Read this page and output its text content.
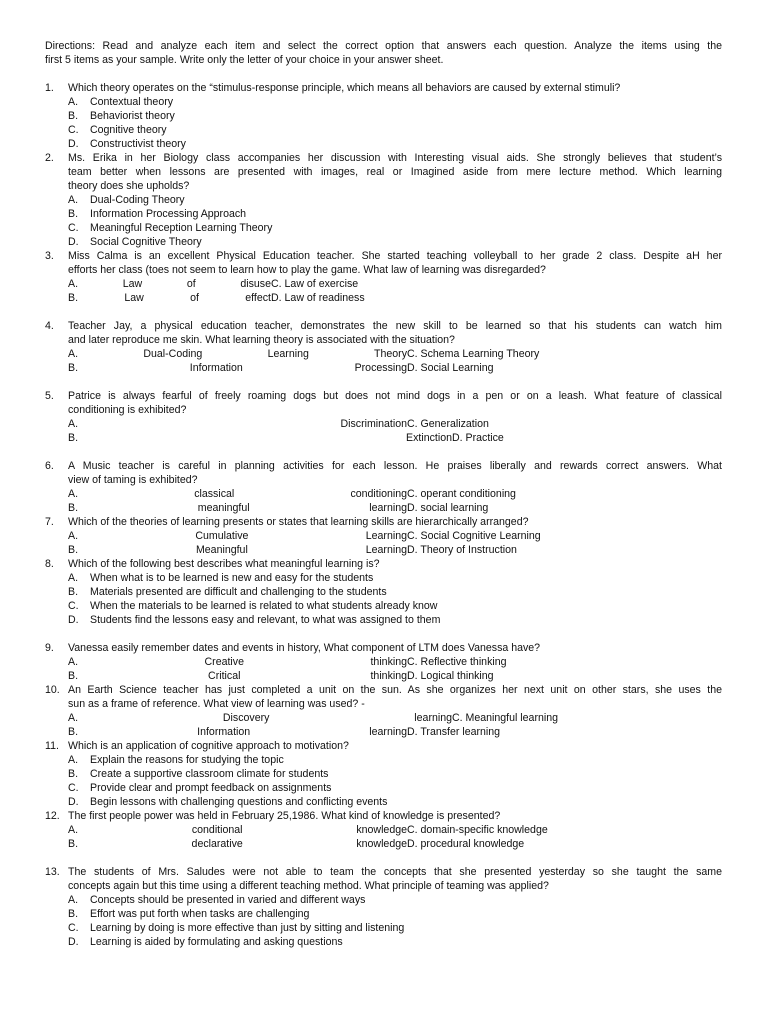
Directions: Read and analyze each item and select the correct option that answers each question. Analyze the items using the
first 5 items as your sample. Write only the letter of your choice in your answer sheet.
1.	Which theory operates on the “stimulus-response principle, which means all behaviors are caused by external stimuli?
A.	Contextual theory
B.	Behaviorist theory
C.	Cognitive theory
D.	Constructivist theory
2.	Ms. Erika in her Biology class accompanies her discussion with Interesting visual aids. She strongly believes that student’s
team better when lessons are presented with images, real or Imagined aside from mere lecture method. Which learning
theory does she upholds?
A.	Dual-Coding Theory
B.	Information Processing Approach
C.	Meaningful Reception Learning Theory
D.	Social Cognitive Theory
3.	Miss Calma is an excellent Physical Education teacher. She started teaching volleyball to her grade 2 class. Despite aH her
efforts her class (toes not seem to learn how to play the game. What law of learning was disregarded?
A. Law of disuse C. Law of exercise
B. Law of effect D. Law of readiness
4.	Teacher Jay, a physical education teacher, demonstrates the new skill to be learned so that his students can watch him
and later reproduce me skin. What learning theory is associated with the situation?
A. Dual-Coding Learning Theory C. Schema Learning Theory
B. Information Processing D. Social Learning
5.	Patrice is always fearful of freely roaming dogs but does not mind dogs in a pen or on a leash. What feature of classical
conditioning is exhibited?
A. Discrimination C. Generalization
B. Extinction D. Practice
6.	A Music teacher is careful in planning activities for each lesson. He praises liberally and rewards correct answers. What
view of taming is exhibited?
A. classical conditioning C. operant conditioning
B. meaningful learning D. social learning
7.	Which of the theories of learning presents or states that learning skills are hierarchically arranged?
A. Cumulative Learning C. Social Cognitive Learning
B. Meaningful Learning D. Theory of Instruction
8.	Which of the following best describes what meaningful learning is?
A.	When what is to be learned is new and easy for the students
B.	Materials presented are difficult and challenging to the students
C.	When the materials to be learned is related to what students already know
D.	Students find the lessons easy and relevant, to what was assigned to them
9.	Vanessa easily remember dates and events in history, What component of LTM does Vanessa have?
A. Creative thinking C. Reflective thinking
B. Critical thinking D. Logical thinking
10. An Earth Science teacher has just completed a unit on the sun. As she organizes her next unit on other stars, she uses the
sun as a frame of reference. What view of learning was used? -
A. Discovery learning C. Meaningful learning
B. Information learning D. Transfer learning
11. Which is an application of cognitive approach to motivation?
A.	Explain the reasons for studying the topic
B.	Create a supportive classroom climate for students
C.	Provide clear and prompt feedback on assignments
D.	Begin lessons with challenging questions and conflicting events
12. The first people power was held in February 25,1986. What kind of knowledge is presented?
A. conditional knowledge C. domain-specific knowledge
B. declarative knowledge D. procedural knowledge
13. The students of Mrs. Saludes were not able to team the concepts that she presented yesterday so she taught the same
concepts again but this time using a different teaching method. What principle of teaming was applied?
A.	Concepts should be presented in varied and different ways
B.	Effort was put forth when tasks are challenging
C.	Learning by doing is more effective than just by sitting and listening
D.	Learning is aided by formulating and asking questions
